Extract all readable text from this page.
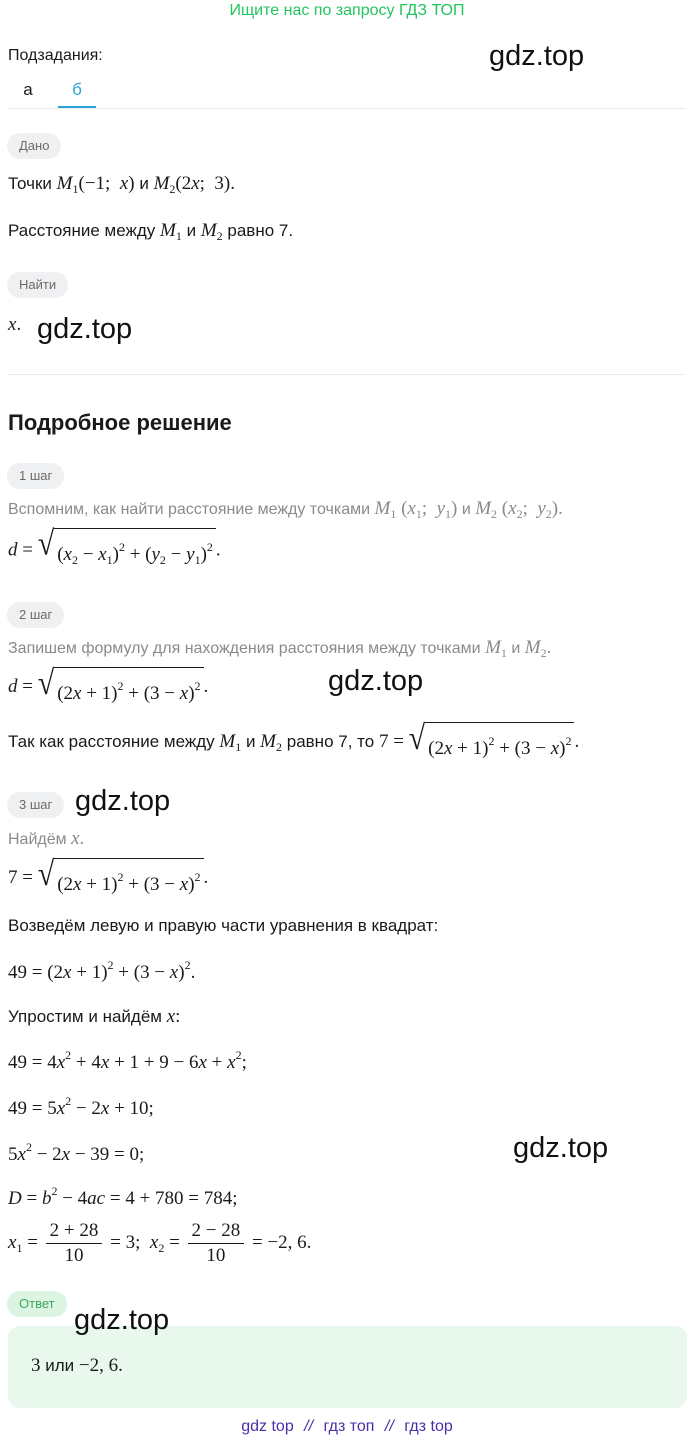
Ищите нас по запросу ГДЗ ТОП
Подзадания:
а	б
Дано
Точки $M_1(-1$;  x) и $M_2(2x$;  3).
Расстояние между $M_1$ и $M_2$ равно 7.
Найти
x.
Подробное решение
1 шаг
Вспомним, как найти расстояние между точками $M_1$ ($x_1$;  $y_1$) и $M_2$ ($x_2$;  $y_2$).
d = √ $(x_2 - x_1)^2 + (y_2 - y_1)^2$ .
2 шаг
Запишем формулу для нахождения расстояния между точками $M_1$ и $M_2$.
d = √ $(2x + 1)^2 + (3 - x)^2$ .
Так как расстояние между $M_1$ и $M_2$ равно 7, то 7 = √ $(2x + 1)^2 + (3 - x)^2$ .
3 шаг
Найдём x.
7 = √ $(2x + 1)^2 + (3 - x)^2$ .
Возведём левую и правую части уравнения в квадрат:
$49 = (2x + 1)^2 + (3 - x)^2$.
Упростим и найдём x:
$49 = 4x^2 + 4x + 1 + 9 - 6x + x^2$;
$49 = 5x^2 - 2x + 10$;
$5x^2 - 2x - 39 = 0$;
$D = b^2 - 4ac = 4 + 780 = 784$;
$x_1 = \frac{2 + 28}{10} = 3$;  $x_2 = \frac{2 - 28}{10} = -2$, 6.
Ответ
3 или −2, 6.
gdz top // гдз топ // гдз top
gdz.top
gdz.top
gdz.top
gdz.top
gdz.top
gdz.top
